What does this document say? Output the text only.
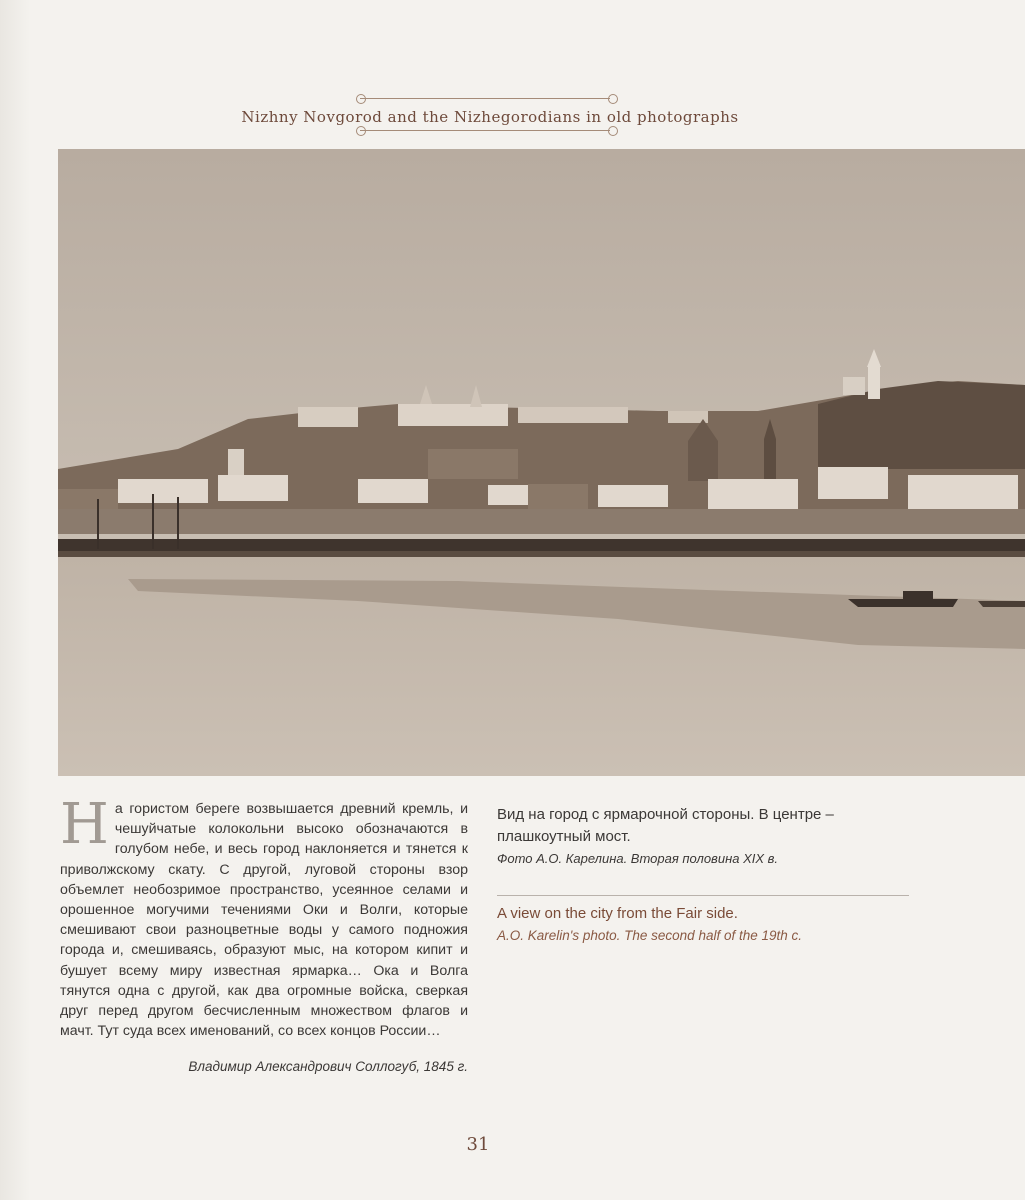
Nizhny Novgorod and the Nizhegorodians in old photographs
Н а гористом береге возвышается древний кремль, и чешуйчатые колокольни высоко обозначаются в голубом небе, и весь город наклоняется и тянется к приволжскому скату. С другой, луговой стороны взор объемлет необозримое пространство, усеянное селами и орошенное могучими течениями Оки и Волги, которые смешивают свои разноцветные воды у самого подножия города и, смешиваясь, образуют мыс, на котором кипит и бушует всему миру известная ярмарка… Ока и Волга тянутся одна с другой, как два огромные войска, сверкая друг перед другом бесчисленным множеством флагов и мачт. Тут суда всех именований, со всех концов России…
Владимир Александрович Соллогуб, 1845 г.
Вид на город с ярмарочной стороны. В центре – плашкоутный мост.
Фото А.О. Карелина. Вторая половина XIX в.
A view on the city from the Fair side.
A.O. Karelin's photo. The second half of the 19th c.
31
